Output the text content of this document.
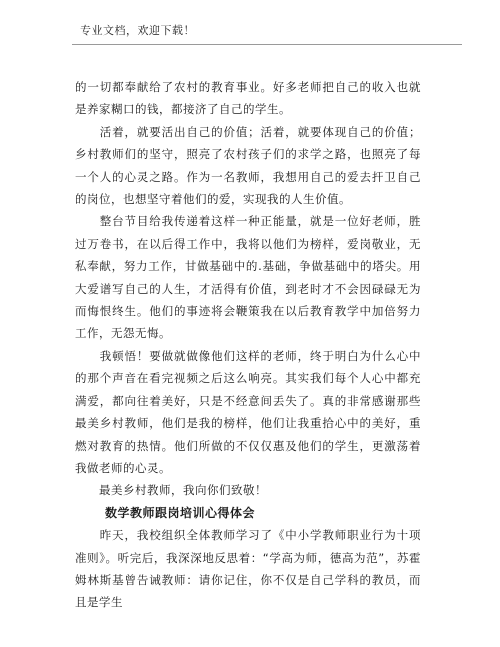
专业文档，欢迎下载！

的一切都奉献给了农村的教育事业。好多老师把自己的收入也就是养家糊口的钱，都接济了自己的学生。

　　活着，就要活出自己的价值；活着，就要体现自己的价值；乡村教师们的坚守，照亮了农村孩子们的求学之路，也照亮了每一个人的心灵之路。作为一名教师，我想用自己的爱去扞卫自己的岗位，也想坚守着他们的爱，实现我的人生价值。

　　整台节目给我传递着这样一种正能量，就是一位好老师，胜过万卷书，在以后得工作中，我将以他们为榜样，爱岗敬业，无私奉献，努力工作，甘做基础中的.基础，争做基础中的塔尖。用大爱谱写自己的人生，才活得有价值，到老时才不会因碌碌无为而悔恨终生。他们的事迹将会鞭策我在以后教育教学中加倍努力工作，无怨无悔。

　　我顿悟！要做就做像他们这样的老师，终于明白为什么心中的那个声音在看完视频之后这么响亮。其实我们每个人心中都充满爱，都向往着美好，只是不经意间丢失了。真的非常感谢那些最美乡村教师，他们是我的榜样，他们让我重拾心中的美好，重燃对教育的热情。他们所做的不仅仅惠及他们的学生，更激荡着我做老师的心灵。

　　最美乡村教师，我向你们致敬！

数学教师跟岗培训心得体会

　　昨天，我校组织全体教师学习了《中小学教师职业行为十项准则》。听完后，我深深地反思着：“学高为师，德高为范”，苏霍姆林斯基曾告诫教师：请你记住，你不仅是自己学科的教员，而且是学生
